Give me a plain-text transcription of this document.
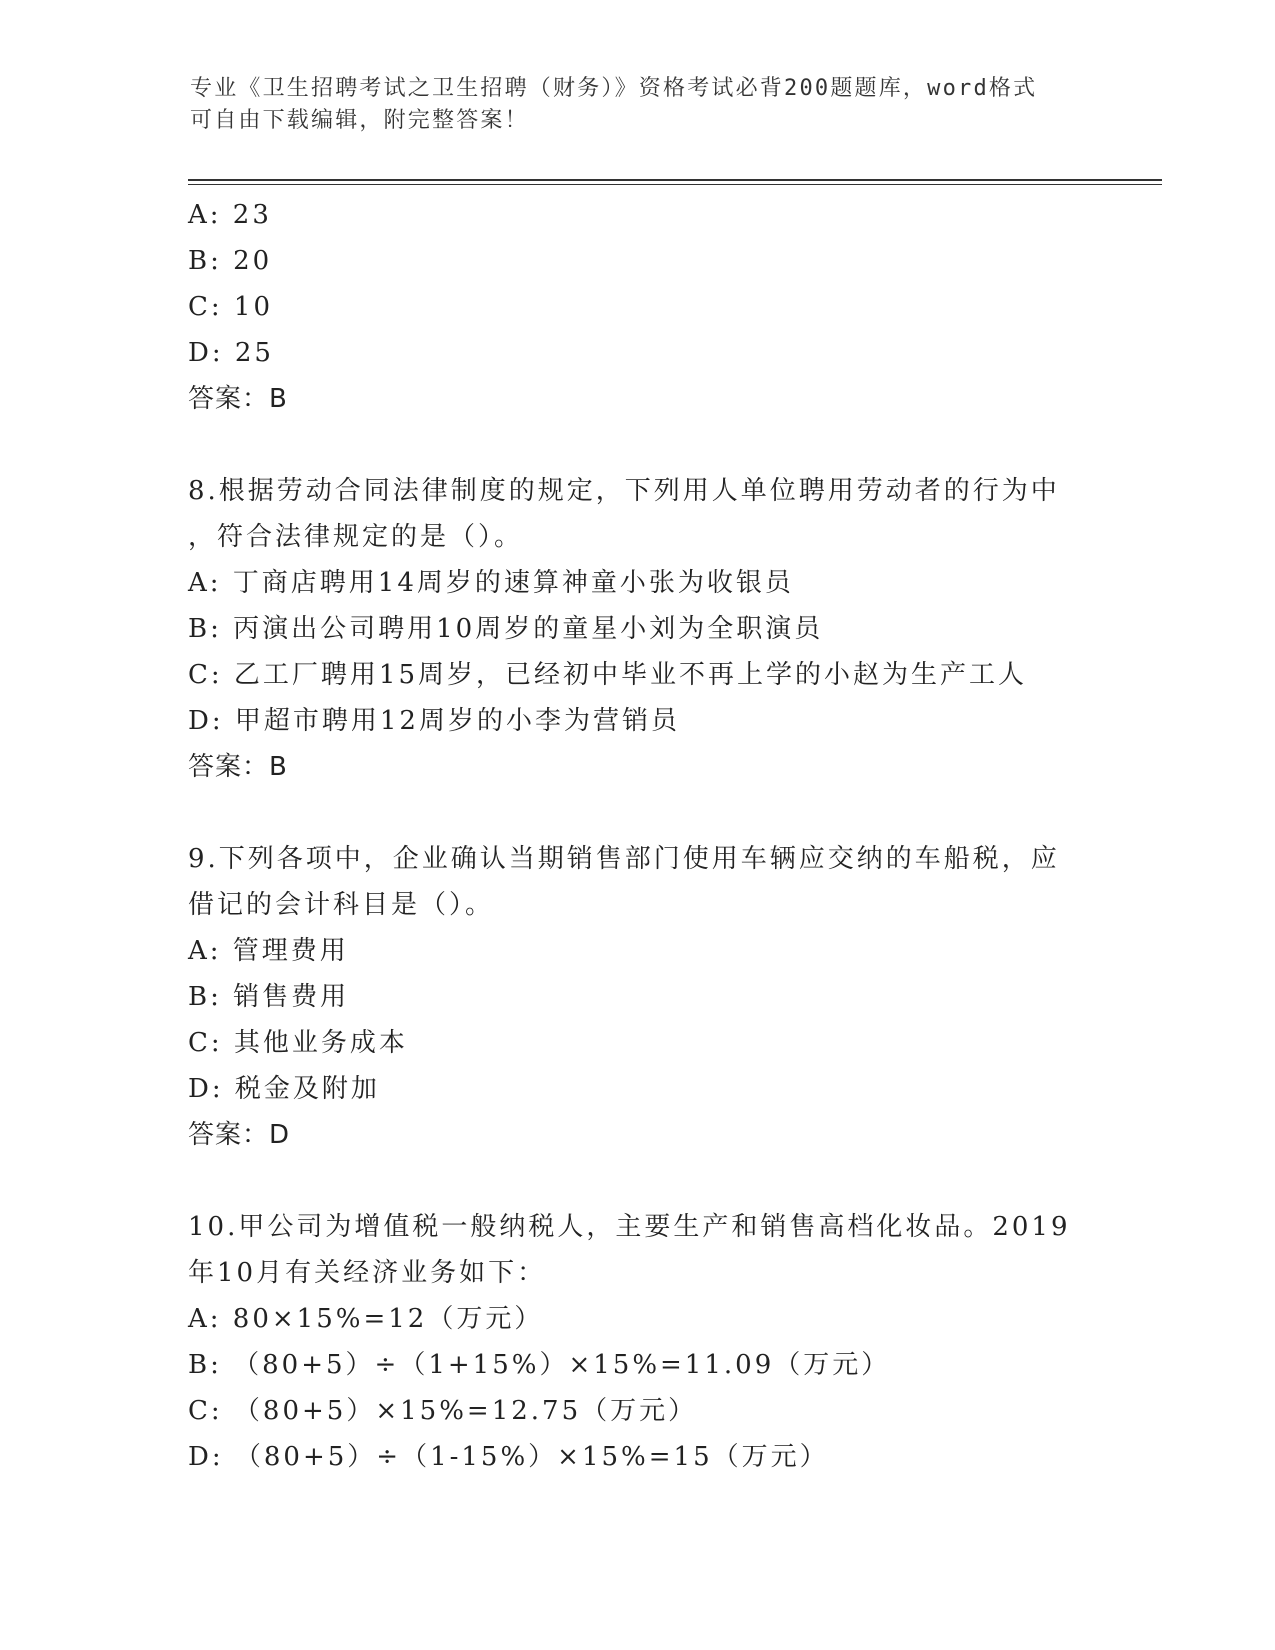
专业《卫生招聘考试之卫生招聘（财务）》资格考试必背200题题库，word格式
可自由下载编辑，附完整答案！
A: 23
B: 20
C: 10
D: 25
答案：B
8.根据劳动合同法律制度的规定，下列用人单位聘用劳动者的行为中
，符合法律规定的是（）。
A: 丁商店聘用14周岁的速算神童小张为收银员
B: 丙演出公司聘用10周岁的童星小刘为全职演员
C: 乙工厂聘用15周岁，已经初中毕业不再上学的小赵为生产工人
D: 甲超市聘用12周岁的小李为营销员
答案：B
9.下列各项中，企业确认当期销售部门使用车辆应交纳的车船税，应
借记的会计科目是（）。
A: 管理费用
B: 销售费用
C: 其他业务成本
D: 税金及附加
答案：D
10.甲公司为增值税一般纳税人，主要生产和销售高档化妆品。2019
年10月有关经济业务如下：
A: 80×15%=12（万元）
B: （80+5）÷（1+15%）×15%=11.09（万元）
C: （80+5）×15%=12.75（万元）
D: （80+5）÷（1-15%）×15%=15（万元）
